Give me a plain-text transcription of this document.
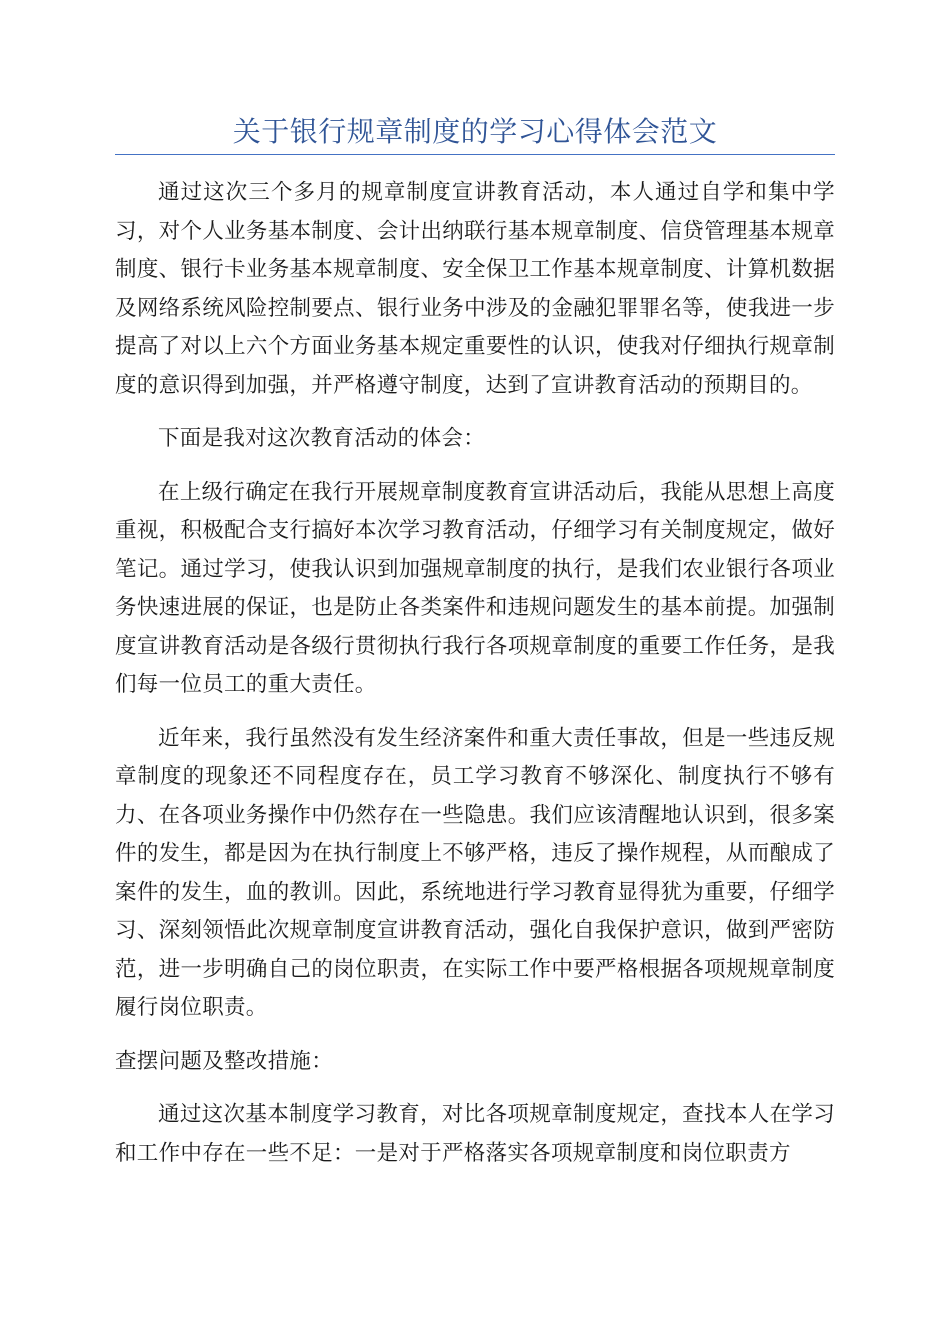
关于银行规章制度的学习心得体会范文

通过这次三个多月的规章制度宣讲教育活动，本人通过自学和集中学习，对个人业务基本制度、会计出纳联行基本规章制度、信贷管理基本规章制度、银行卡业务基本规章制度、安全保卫工作基本规章制度、计算机数据及网络系统风险控制要点、银行业务中涉及的金融犯罪罪名等，使我进一步提高了对以上六个方面业务基本规定重要性的认识，使我对仔细执行规章制度的意识得到加强，并严格遵守制度，达到了宣讲教育活动的预期目的。

下面是我对这次教育活动的体会：

在上级行确定在我行开展规章制度教育宣讲活动后，我能从思想上高度重视，积极配合支行搞好本次学习教育活动，仔细学习有关制度规定，做好笔记。通过学习，使我认识到加强规章制度的执行，是我们农业银行各项业务快速进展的保证，也是防止各类案件和违规问题发生的基本前提。加强制度宣讲教育活动是各级行贯彻执行我行各项规章制度的重要工作任务，是我们每一位员工的重大责任。

近年来，我行虽然没有发生经济案件和重大责任事故，但是一些违反规章制度的现象还不同程度存在，员工学习教育不够深化、制度执行不够有力、在各项业务操作中仍然存在一些隐患。我们应该清醒地认识到，很多案件的发生，都是因为在执行制度上不够严格，违反了操作规程，从而酿成了案件的发生，血的教训。因此，系统地进行学习教育显得犹为重要，仔细学习、深刻领悟此次规章制度宣讲教育活动，强化自我保护意识，做到严密防范，进一步明确自己的岗位职责，在实际工作中要严格根据各项规规章制度履行岗位职责。

查摆问题及整改措施：

通过这次基本制度学习教育，对比各项规章制度规定，查找本人在学习和工作中存在一些不足：一是对于严格落实各项规章制度和岗位职责方
